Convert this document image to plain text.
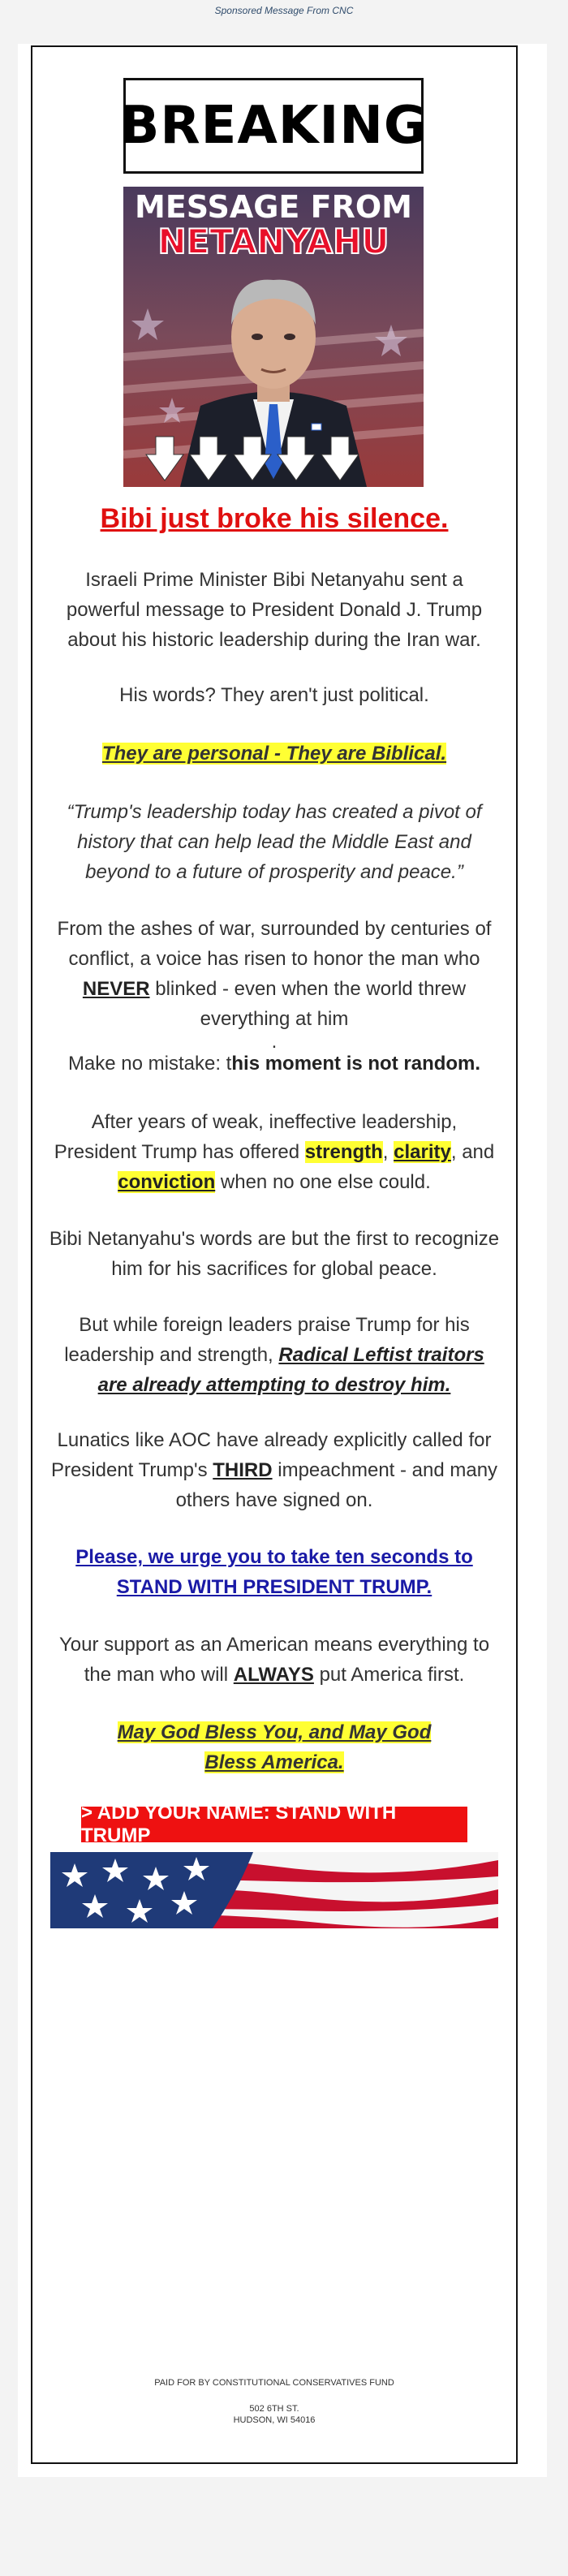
Sponsored Message From CNC
BREAKING
MESSAGE FROM
NETANYAHU
Bibi just broke his silence.
Israeli Prime Minister Bibi Netanyahu sent a powerful message to President Donald J. Trump about his historic leadership during the Iran war.
His words? They aren't just political.
They are personal - They are Biblical.
“Trump's leadership today has created a pivot of history that can help lead the Middle East and beyond to a future of prosperity and peace.”
From the ashes of war, surrounded by centuries of conflict, a voice has risen to honor the man who NEVER blinked - even when the world threw everything at him
.
Make no mistake: this moment is not random.
After years of weak, ineffective leadership, President Trump has offered strength, clarity, and conviction when no one else could.
Bibi Netanyahu's words are but the first to recognize him for his sacrifices for global peace.
But while foreign leaders praise Trump for his leadership and strength, Radical Leftist traitors are already attempting to destroy him.
Lunatics like AOC have already explicitly called for President Trump's THIRD impeachment - and many others have signed on.
Please, we urge you to take ten seconds to STAND WITH PRESIDENT TRUMP.
Your support as an American means everything to the man who will ALWAYS put America first.
May God Bless You, and May God Bless America.
> ADD YOUR NAME: STAND WITH TRUMP
PAID FOR BY CONSTITUTIONAL CONSERVATIVES FUND
502 6TH ST.
HUDSON, WI 54016
